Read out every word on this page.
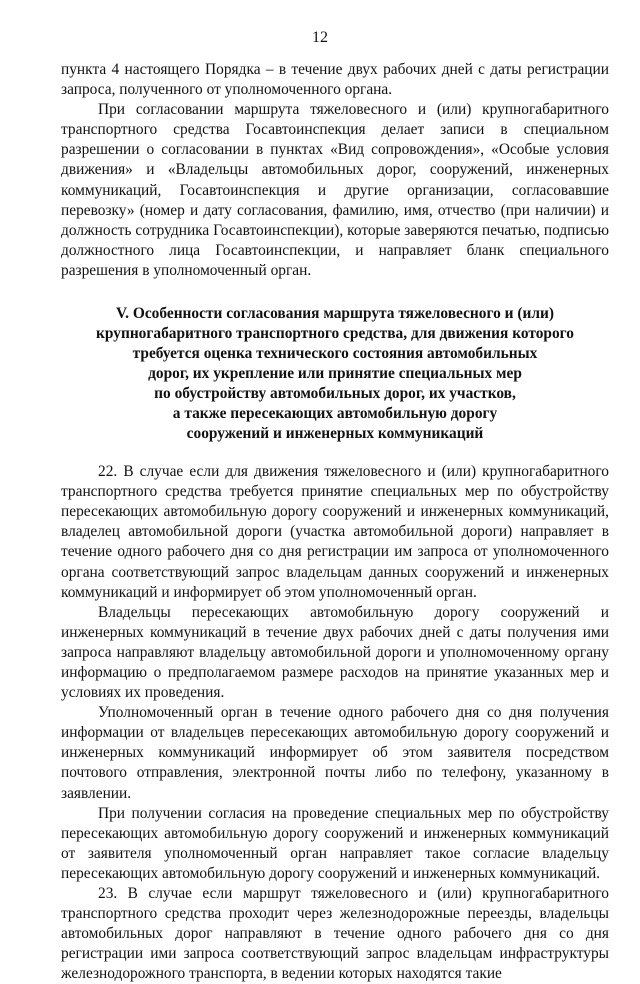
12

пункта 4 настоящего Порядка – в течение двух рабочих дней с даты регистрации запроса, полученного от уполномоченного органа.

При согласовании маршрута тяжеловесного и (или) крупногабаритного транспортного средства Госавтоинспекция делает записи в специальном разрешении о согласовании в пунктах «Вид сопровождения», «Особые условия движения» и «Владельцы автомобильных дорог, сооружений, инженерных коммуникаций, Госавтоинспекция и другие организации, согласовавшие перевозку» (номер и дату согласования, фамилию, имя, отчество (при наличии) и должность сотрудника Госавтоинспекции), которые заверяются печатью, подписью должностного лица Госавтоинспекции, и направляет бланк специального разрешения в уполномоченный орган.

V. Особенности согласования маршрута тяжеловесного и (или)
крупногабаритного транспортного средства, для движения которого
требуется оценка технического состояния автомобильных
дорог, их укрепление или принятие специальных мер
по обустройству автомобильных дорог, их участков,
а также пересекающих автомобильную дорогу
сооружений и инженерных коммуникаций

22. В случае если для движения тяжеловесного и (или) крупногабаритного транспортного средства требуется принятие специальных мер по обустройству пересекающих автомобильную дорогу сооружений и инженерных коммуникаций, владелец автомобильной дороги (участка автомобильной дороги) направляет в течение одного рабочего дня со дня регистрации им запроса от уполномоченного органа соответствующий запрос владельцам данных сооружений и инженерных коммуникаций и информирует об этом уполномоченный орган.

Владельцы пересекающих автомобильную дорогу сооружений и инженерных коммуникаций в течение двух рабочих дней с даты получения ими запроса направляют владельцу автомобильной дороги и уполномоченному органу информацию о предполагаемом размере расходов на принятие указанных мер и условиях их проведения.

Уполномоченный орган в течение одного рабочего дня со дня получения информации от владельцев пересекающих автомобильную дорогу сооружений и инженерных коммуникаций информирует об этом заявителя посредством почтового отправления, электронной почты либо по телефону, указанному в заявлении.

При получении согласия на проведение специальных мер по обустройству пересекающих автомобильную дорогу сооружений и инженерных коммуникаций от заявителя уполномоченный орган направляет такое согласие владельцу пересекающих автомобильную дорогу сооружений и инженерных коммуникаций.

23. В случае если маршрут тяжеловесного и (или) крупногабаритного транспортного средства проходит через железнодорожные переезды, владельцы автомобильных дорог направляют в течение одного рабочего дня со дня регистрации ими запроса соответствующий запрос владельцам инфраструктуры железнодорожного транспорта, в ведении которых находятся такие
